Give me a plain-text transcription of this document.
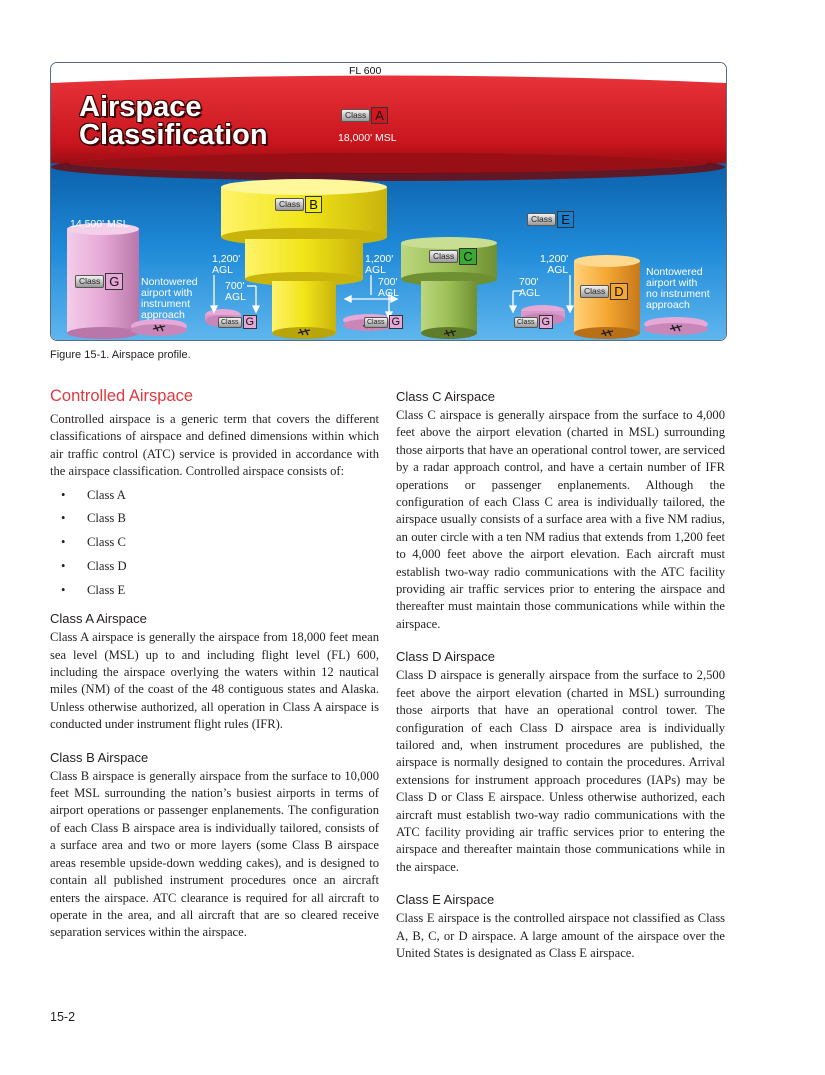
FL 600
Airspace
Classification
Class A
18,000' MSL
Class B
Class E
Class C
Class D
14,500' MSL
Class G
Class G	Class G	Class G
1,200'
AGL
700'
AGL
1,200'
AGL
700'
AGL
1,200'
AGL
700'
AGL
Nontowered
airport with
instrument
approach
Nontowered
airport with
no instrument
approach
Figure 15-1. Airspace profile.
Controlled Airspace

Controlled airspace is a generic term that covers the different classifications of airspace and defined dimensions within which air traffic control (ATC) service is provided in accordance with the airspace classification. Controlled airspace consists of:

• Class A
• Class B
• Class C
• Class D
• Class E
Class A Airspace

Class A airspace is generally the airspace from 18,000 feet mean sea level (MSL) up to and including flight level (FL) 600, including the airspace overlying the waters within 12 nautical miles (NM) of the coast of the 48 contiguous states and Alaska. Unless otherwise authorized, all operation in Class A airspace is conducted under instrument flight rules (IFR).

Class B Airspace

Class B airspace is generally airspace from the surface to 10,000 feet MSL surrounding the nation’s busiest airports in terms of airport operations or passenger enplanements. The configuration of each Class B airspace area is individually tailored, consists of a surface area and two or more layers (some Class B airspace areas resemble upside-down wedding cakes), and is designed to contain all published instrument procedures once an aircraft enters the airspace. ATC clearance is required for all aircraft to operate in the area, and all aircraft that are so cleared receive separation services within the airspace.

Class C Airspace

Class C airspace is generally airspace from the surface to 4,000 feet above the airport elevation (charted in MSL) surrounding those airports that have an operational control tower, are serviced by a radar approach control, and have a certain number of IFR operations or passenger enplanements. Although the configuration of each Class C area is individually tailored, the airspace usually consists of a surface area with a five NM radius, an outer circle with a ten NM radius that extends from 1,200 feet to 4,000 feet above the airport elevation. Each aircraft must establish two-way radio communications with the ATC facility providing air traffic services prior to entering the airspace and thereafter must maintain those communications while within the airspace.

Class D Airspace

Class D airspace is generally airspace from the surface to 2,500 feet above the airport elevation (charted in MSL) surrounding those airports that have an operational control tower. The configuration of each Class D airspace area is individually tailored and, when instrument procedures are published, the airspace is normally designed to contain the procedures. Arrival extensions for instrument approach procedures (IAPs) may be Class D or Class E airspace. Unless otherwise authorized, each aircraft must establish two-way radio communications with the ATC facility providing air traffic services prior to entering the airspace and thereafter maintain those communications while in the airspace.

Class E Airspace

Class E airspace is the controlled airspace not classified as Class A, B, C, or D airspace. A large amount of the airspace over the United States is designated as Class E airspace.

15-2
